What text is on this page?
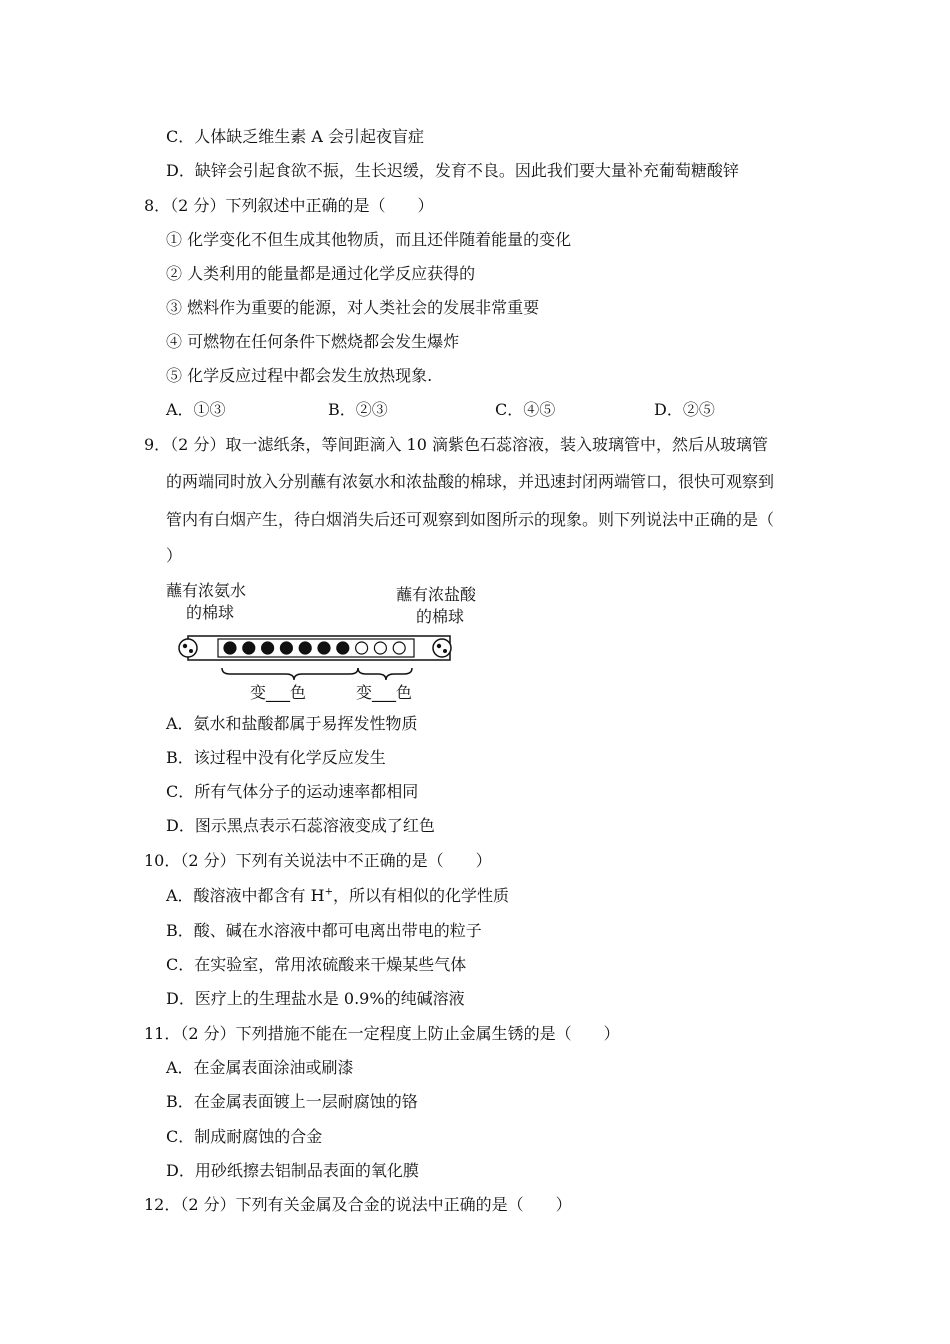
C．人体缺乏维生素 A 会引起夜盲症
D．缺锌会引起食欲不振，生长迟缓，发育不良。因此我们要大量补充葡萄糖酸锌
8．（2 分）下列叙述中正确的是（　　）
① 化学变化不但生成其他物质，而且还伴随着能量的变化
② 人类利用的能量都是通过化学反应获得的
③ 燃料作为重要的能源，对人类社会的发展非常重要
④ 可燃物在任何条件下燃烧都会发生爆炸
⑤ 化学反应过程中都会发生放热现象.
A．①③	B．②③	C．④⑤	D．②⑤
9．（2 分）取一滤纸条，等间距滴入 10 滴紫色石蕊溶液，装入玻璃管中，然后从玻璃管
的两端同时放入分别蘸有浓氨水和浓盐酸的棉球，并迅速封闭两端管口，很快可观察到
管内有白烟产生，待白烟消失后还可观察到如图所示的现象。则下列说法中正确的是（
）
蘸有浓氨水
的棉球
蘸有浓盐酸
的棉球
变___色	变___色
A．氨水和盐酸都属于易挥发性物质
B．该过程中没有化学反应发生
C．所有气体分子的运动速率都相同
D．图示黑点表示石蕊溶液变成了红色
10．（2 分）下列有关说法中不正确的是（　　）
A．酸溶液中都含有 H+，所以有相似的化学性质
B．酸、碱在水溶液中都可电离出带电的粒子
C．在实验室，常用浓硫酸来干燥某些气体
D．医疗上的生理盐水是 0.9%的纯碱溶液
11．（2 分）下列措施不能在一定程度上防止金属生锈的是（　　）
A．在金属表面涂油或刷漆
B．在金属表面镀上一层耐腐蚀的铬
C．制成耐腐蚀的合金
D．用砂纸擦去铝制品表面的氧化膜
12．（2 分）下列有关金属及合金的说法中正确的是（　　）
